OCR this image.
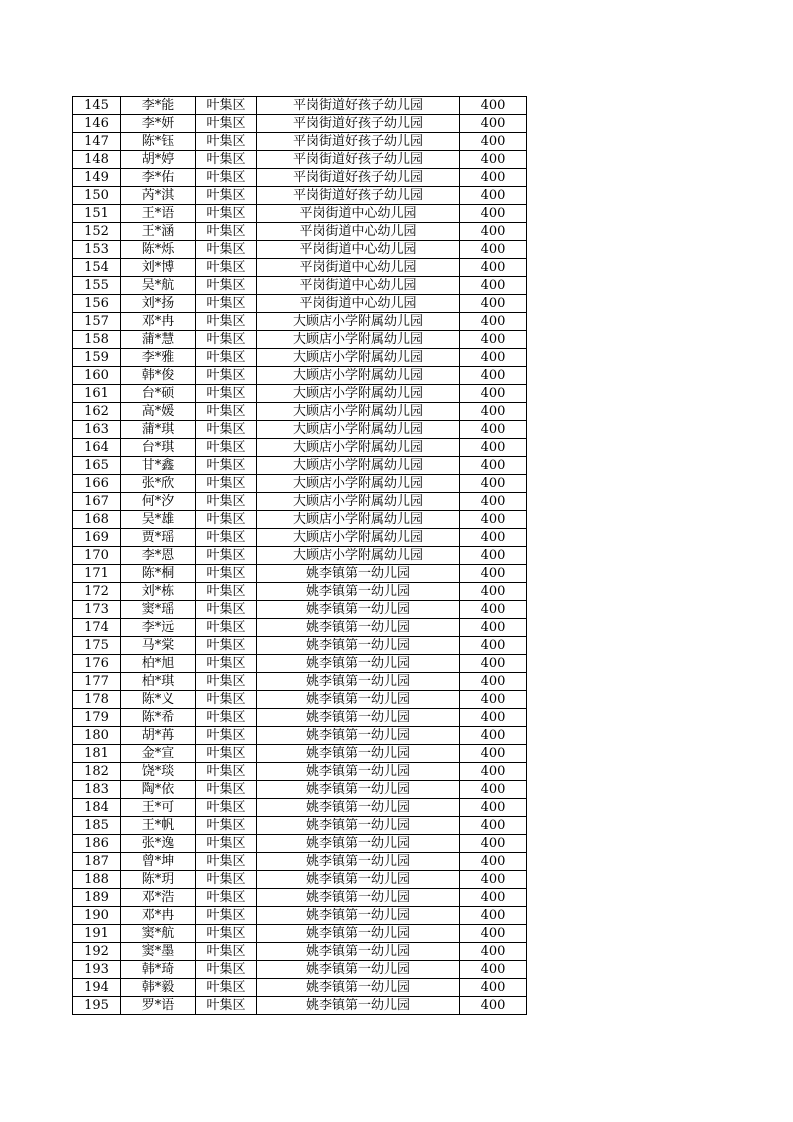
145	李*能	叶集区	平岗街道好孩子幼儿园	400
146	李*妍	叶集区	平岗街道好孩子幼儿园	400
147	陈*钰	叶集区	平岗街道好孩子幼儿园	400
148	胡*婷	叶集区	平岗街道好孩子幼儿园	400
149	李*佑	叶集区	平岗街道好孩子幼儿园	400
150	芮*淇	叶集区	平岗街道好孩子幼儿园	400
151	王*语	叶集区	平岗街道中心幼儿园	400
152	王*涵	叶集区	平岗街道中心幼儿园	400
153	陈*烁	叶集区	平岗街道中心幼儿园	400
154	刘*博	叶集区	平岗街道中心幼儿园	400
155	吴*航	叶集区	平岗街道中心幼儿园	400
156	刘*扬	叶集区	平岗街道中心幼儿园	400
157	邓*冉	叶集区	大顾店小学附属幼儿园	400
158	蒲*慧	叶集区	大顾店小学附属幼儿园	400
159	李*雅	叶集区	大顾店小学附属幼儿园	400
160	韩*俊	叶集区	大顾店小学附属幼儿园	400
161	台*硕	叶集区	大顾店小学附属幼儿园	400
162	高*媛	叶集区	大顾店小学附属幼儿园	400
163	蒲*琪	叶集区	大顾店小学附属幼儿园	400
164	台*琪	叶集区	大顾店小学附属幼儿园	400
165	甘*鑫	叶集区	大顾店小学附属幼儿园	400
166	张*欣	叶集区	大顾店小学附属幼儿园	400
167	何*汐	叶集区	大顾店小学附属幼儿园	400
168	吴*雄	叶集区	大顾店小学附属幼儿园	400
169	贾*瑶	叶集区	大顾店小学附属幼儿园	400
170	李*恩	叶集区	大顾店小学附属幼儿园	400
171	陈*桐	叶集区	姚李镇第一幼儿园	400
172	刘*栋	叶集区	姚李镇第一幼儿园	400
173	窦*瑶	叶集区	姚李镇第一幼儿园	400
174	李*远	叶集区	姚李镇第一幼儿园	400
175	马*棠	叶集区	姚李镇第一幼儿园	400
176	柏*旭	叶集区	姚李镇第一幼儿园	400
177	柏*琪	叶集区	姚李镇第一幼儿园	400
178	陈*义	叶集区	姚李镇第一幼儿园	400
179	陈*希	叶集区	姚李镇第一幼儿园	400
180	胡*苒	叶集区	姚李镇第一幼儿园	400
181	金*宣	叶集区	姚李镇第一幼儿园	400
182	饶*琰	叶集区	姚李镇第一幼儿园	400
183	陶*依	叶集区	姚李镇第一幼儿园	400
184	王*可	叶集区	姚李镇第一幼儿园	400
185	王*帆	叶集区	姚李镇第一幼儿园	400
186	张*逸	叶集区	姚李镇第一幼儿园	400
187	曾*坤	叶集区	姚李镇第一幼儿园	400
188	陈*玥	叶集区	姚李镇第一幼儿园	400
189	邓*浩	叶集区	姚李镇第一幼儿园	400
190	邓*冉	叶集区	姚李镇第一幼儿园	400
191	窦*航	叶集区	姚李镇第一幼儿园	400
192	窦*墨	叶集区	姚李镇第一幼儿园	400
193	韩*琦	叶集区	姚李镇第一幼儿园	400
194	韩*毅	叶集区	姚李镇第一幼儿园	400
195	罗*语	叶集区	姚李镇第一幼儿园	400
